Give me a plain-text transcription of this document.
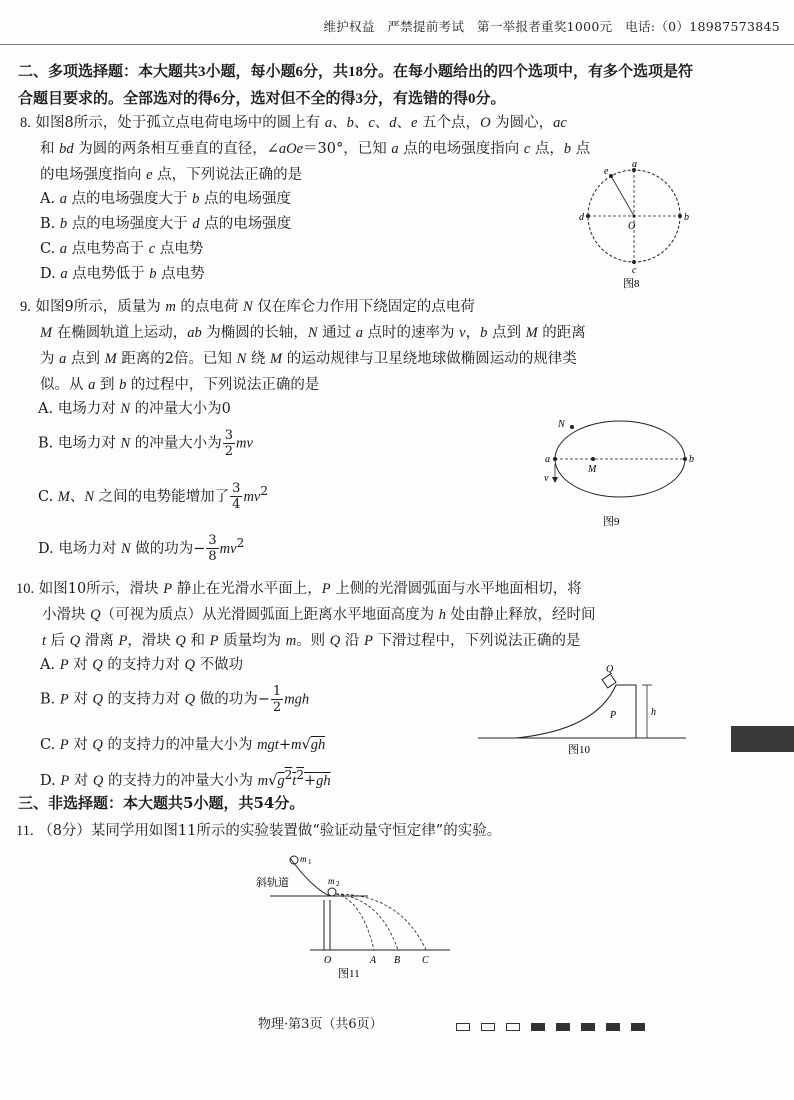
维护权益　严禁提前考试　第一举报者重奖1000元　电话:（0）18987573845
二、多项选择题：本大题共3小题，每小题6分，共18分。在每小题给出的四个选项中，有多个选项是符合题目要求的。全部选对的得6分，选对但不全的得3分，有选错的得0分。
8. 如图8所示，处于孤立点电荷电场中的圆上有 a、b、c、d、e 五个点，O 为圆心，ac
和 bd 为圆的两条相互垂直的直径，∠aOe＝30°，已知 a 点的电场强度指向 c 点，b 点
的电场强度指向 e 点，下列说法正确的是
A. a 点的电场强度大于 b 点的电场强度
B. b 点的电场强度大于 d 点的电场强度
C. a 点电势高于 c 点电势
D. a 点电势低于 b 点电势
a
b
c
d
e
O
图8
9. 如图9所示，质量为 m 的点电荷 N 仅在库仑力作用下绕固定的点电荷
M 在椭圆轨道上运动，ab 为椭圆的长轴，N 通过 a 点时的速率为 v，b 点到 M 的距离
为 a 点到 M 距离的2倍。已知 N 绕 M 的运动规律与卫星绕地球做椭圆运动的规律类
似。从 a 到 b 的过程中，下列说法正确的是
A. 电场力对 N 的冲量大小为0
B. 电场力对 N 的冲量大小为 $\frac{3}{2}$ mv
C. M、N 之间的电势能增加了 $\frac{3}{4} mv^2$
D. 电场力对 N 做的功为− $\frac{3}{8} mv^2$
a	b
M
N
v
图9
10. 如图10所示，滑块 P 静止在光滑水平面上，P 上侧的光滑圆弧面与水平地面相切，将
小滑块 Q（可视为质点）从光滑圆弧面上距离水平地面高度为 h 处由静止释放，经时间
t 后 Q 滑离 P，滑块 Q 和 P 质量均为 m。则 Q 沿 P 下滑过程中，下列说法正确的是
A. P 对 Q 的支持力对 Q 不做功
B. P 对 Q 的支持力对 Q 做的功为− $\frac{1}{2}$ mgh
C. P 对 Q 的支持力的冲量大小为 mgt+m√gh
D. P 对 Q 的支持力的冲量大小为 $m√g^2t^2+gh$
Q
P	h
图10
三、非选择题：本大题共5小题，共54分。
11. （8分）某同学用如图11所示的实验装置做“验证动量守恒定律”的实验。
m 1
m 2
斜轨道
O	A B C
图11
物理·第3页（共6页）
